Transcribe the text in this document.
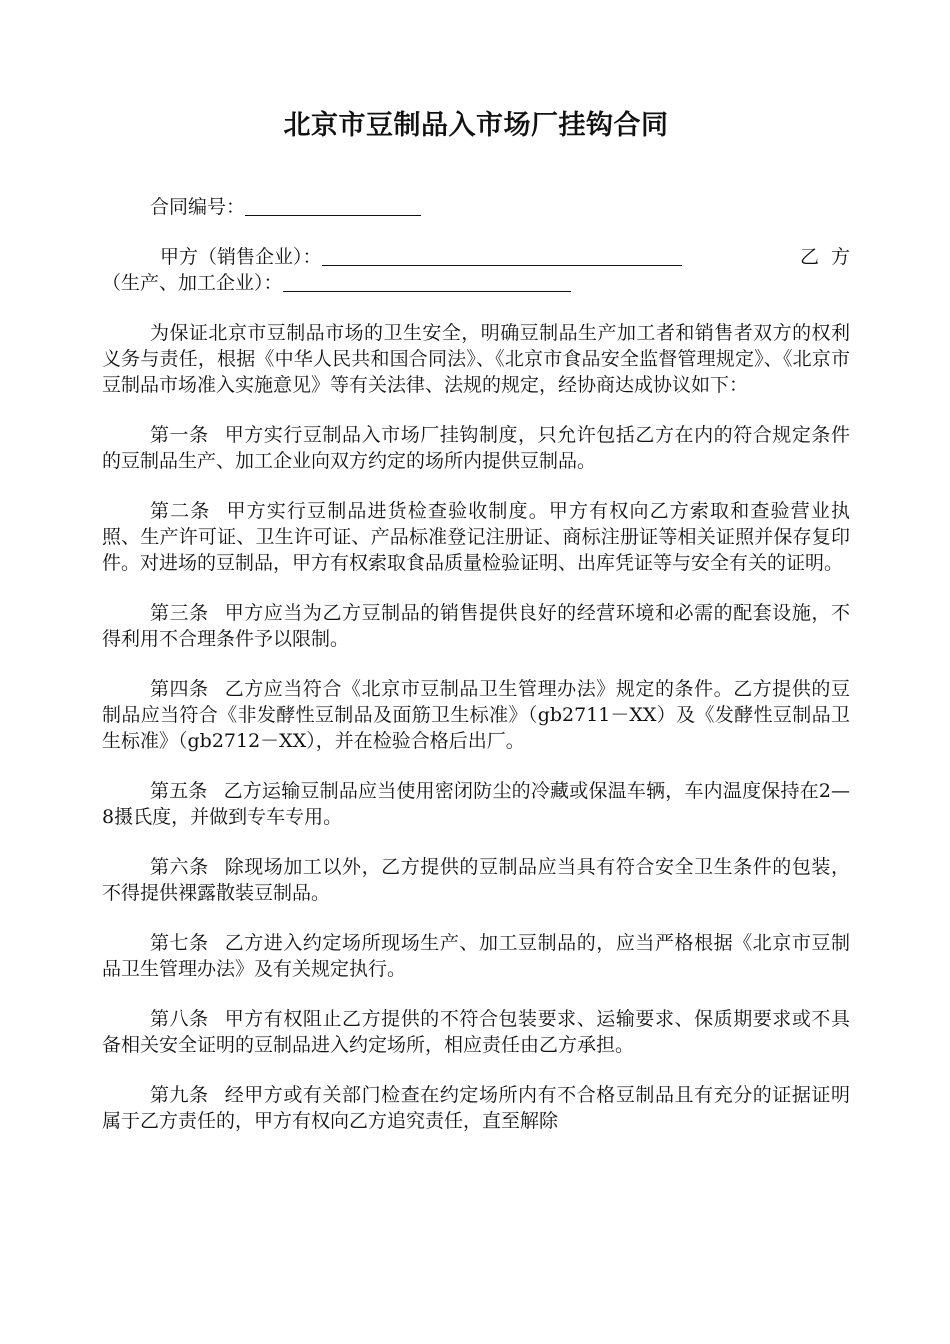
北京市豆制品入市场厂挂钩合同
合同编号：
甲方（销售企业）：	乙方
（生产、加工企业）：

为保证北京市豆制品市场的卫生安全，明确豆制品生产加工者和销售者双方的权利义务与责任，根据《中华人民共和国合同法》、《北京市食品安全监督管理规定》、《北京市豆制品市场准入实施意见》等有关法律、法规的规定，经协商达成协议如下：

第一条 甲方实行豆制品入市场厂挂钩制度，只允许包括乙方在内的符合规定条件的豆制品生产、加工企业向双方约定的场所内提供豆制品。

第二条 甲方实行豆制品进货检查验收制度。甲方有权向乙方索取和查验营业执照、生产许可证、卫生许可证、产品标准登记注册证、商标注册证等相关证照并保存复印件。对进场的豆制品，甲方有权索取食品质量检验证明、出库凭证等与安全有关的证明。

第三条 甲方应当为乙方豆制品的销售提供良好的经营环境和必需的配套设施，不得利用不合理条件予以限制。

第四条 乙方应当符合《北京市豆制品卫生管理办法》规定的条件。乙方提供的豆制品应当符合《非发酵性豆制品及面筋卫生标准》（gb2711－XX）及《发酵性豆制品卫生标准》（gb2712－XX），并在检验合格后出厂。

第五条 乙方运输豆制品应当使用密闭防尘的冷藏或保温车辆，车内温度保持在2—8摄氏度，并做到专车专用。

第六条 除现场加工以外，乙方提供的豆制品应当具有符合安全卫生条件的包装，不得提供裸露散装豆制品。

第七条 乙方进入约定场所现场生产、加工豆制品的，应当严格根据《北京市豆制品卫生管理办法》及有关规定执行。

第八条 甲方有权阻止乙方提供的不符合包装要求、运输要求、保质期要求或不具备相关安全证明的豆制品进入约定场所，相应责任由乙方承担。

第九条 经甲方或有关部门检查在约定场所内有不合格豆制品且有充分的证据证明属于乙方责任的，甲方有权向乙方追究责任，直至解除
